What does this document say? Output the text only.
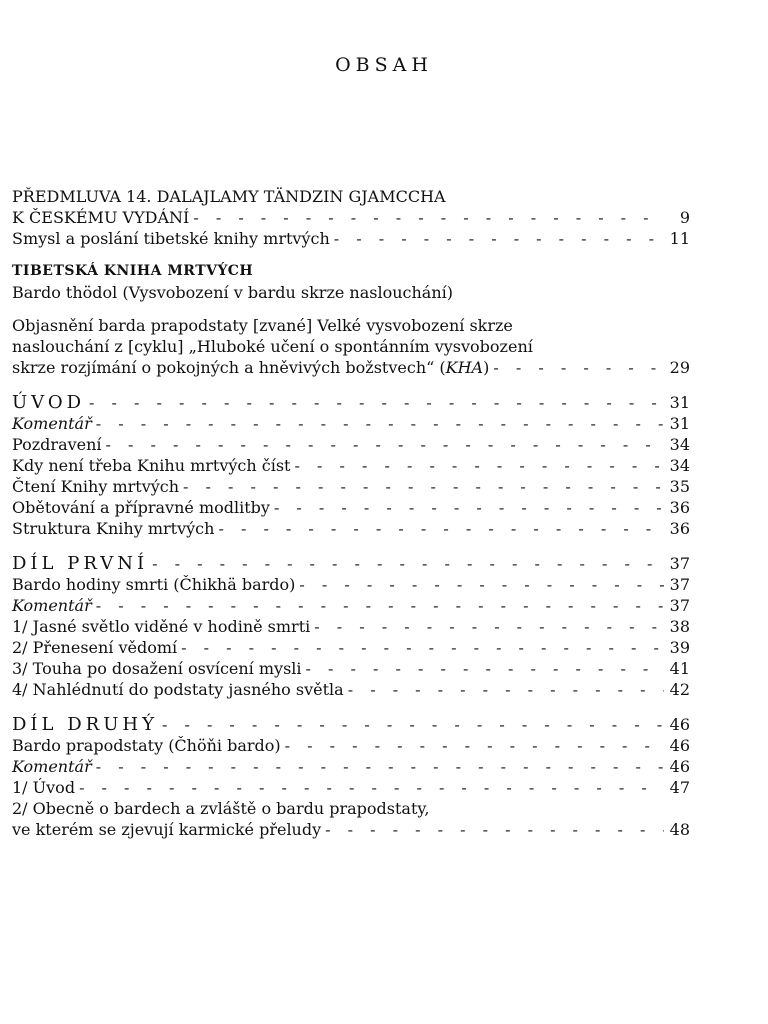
OBSAH
PŘEDMLUVA 14. DALAJLAMY TÄNDZIN GJAMCCHA
K ČESKÉMU VYDÁNÍ - - -	9
Smysl a poslání tibetské knihy mrtvých - - -	11
TIBETSKÁ KNIHA MRTVÝCH
Bardo thödol (Vysvobození v bardu skrze naslouchání)
Objasnění barda prapodstaty [zvané] Velké vysvobození skrze
naslouchání z [cyklu] „Hluboké učení o spontánním vysvobození
skrze rozjímání o pokojných a hněvivých božstvech“ (KHA) - - -	29
ÚVOD - - -	31
Komentář - - -	31
Pozdravení - - -	34
Kdy není třeba Knihu mrtvých číst - - -	34
Čtení Knihy mrtvých - - -	35
Obětování a přípravné modlitby - - -	36
Struktura Knihy mrtvých - - -	36
DÍL PRVNÍ - - -	37
Bardo hodiny smrti (Čhikhä bardo) - - -	37
Komentář - - -	37
1/ Jasné světlo viděné v hodině smrti - - -	38
2/ Přenesení vědomí - - -	39
3/ Touha po dosažení osvícení mysli - - -	41
4/ Nahlédnutí do podstaty jasného světla - - -	42
DÍL DRUHÝ - - -	46
Bardo prapodstaty (Čhöňi bardo) - - -	46
Komentář - - -	46
1/ Úvod - - -	47
2/ Obecně o bardech a zvláště o bardu prapodstaty,
ve kterém se zjevují karmické přeludy - - -	48
